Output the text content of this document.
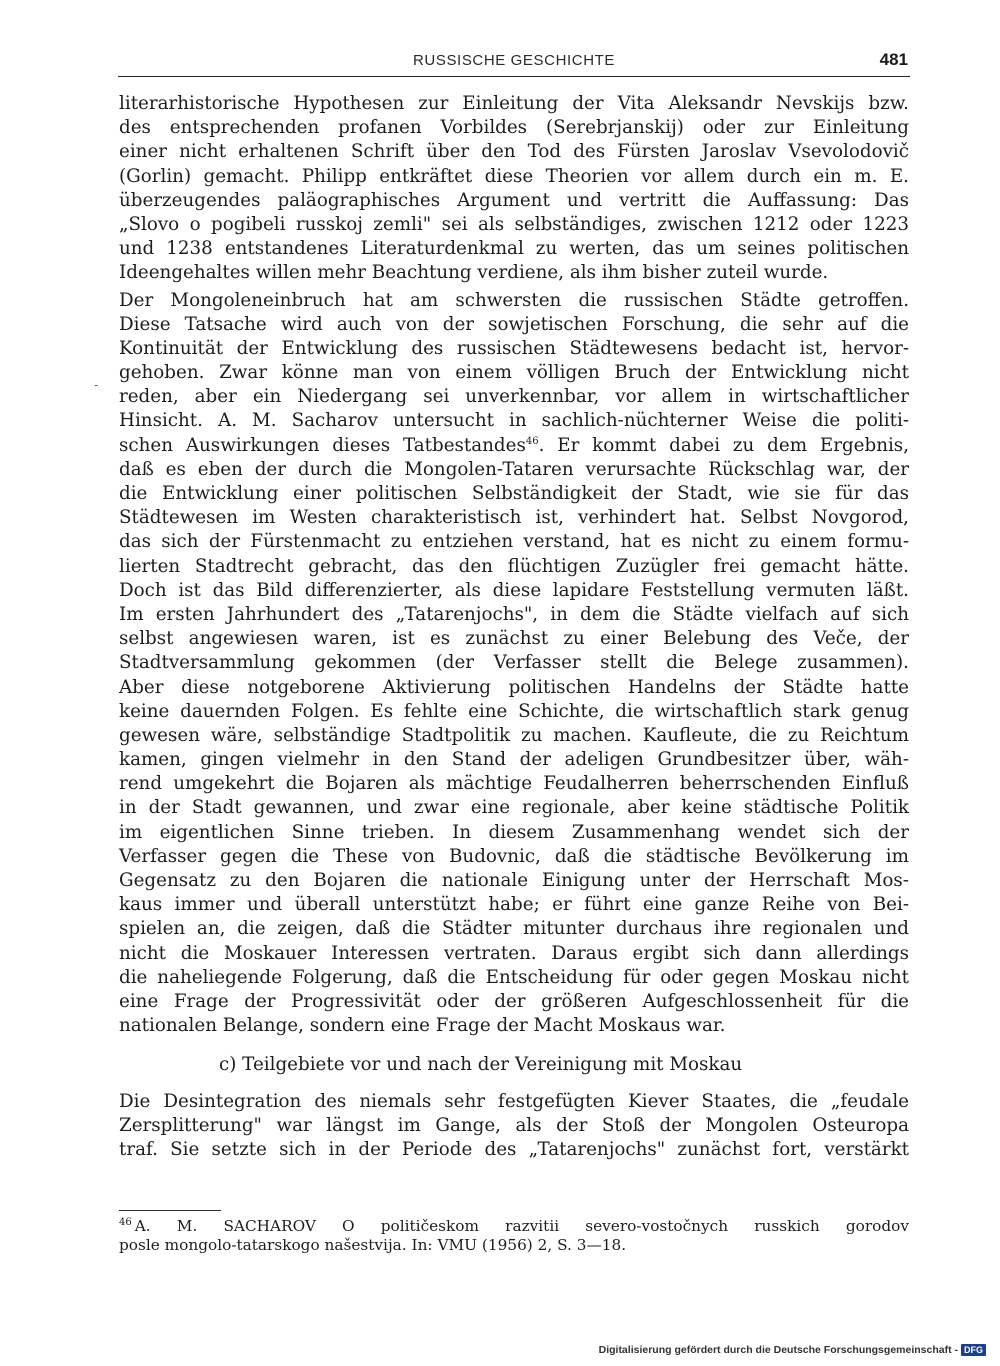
RUSSISCHE GESCHICHTE	481
-

literarhistorische Hypothesen zur Einleitung der Vita Aleksandr Nevskijs bzw.
des entsprechenden profanen Vorbildes (Serebrjanskij) oder zur Einleitung
einer nicht erhaltenen Schrift über den Tod des Fürsten Jaroslav Vsevolodovič
(Gorlin) gemacht. Philipp entkräftet diese Theorien vor allem durch ein m. E.
überzeugendes paläographisches Argument und vertritt die Auffassung: Das
„Slovo o pogibeli russkoj zemli" sei als selbständiges, zwischen 1212 oder 1223
und 1238 entstandenes Literaturdenkmal zu werten, das um seines politischen
Ideengehaltes willen mehr Beachtung verdiene, als ihm bisher zuteil wurde.

Der Mongoleneinbruch hat am schwersten die russischen Städte getroffen.
Diese Tatsache wird auch von der sowjetischen Forschung, die sehr auf die
Kontinuität der Entwicklung des russischen Städtewesens bedacht ist, hervor-
gehoben. Zwar könne man von einem völligen Bruch der Entwicklung nicht
reden, aber ein Niedergang sei unverkennbar, vor allem in wirtschaftlicher
Hinsicht. A. M. Sacharov untersucht in sachlich-nüchterner Weise die politi-
schen Auswirkungen dieses Tatbestandes$^{46}$. Er kommt dabei zu dem Ergebnis,
daß es eben der durch die Mongolen-Tataren verursachte Rückschlag war, der
die Entwicklung einer politischen Selbständigkeit der Stadt, wie sie für das
Städtewesen im Westen charakteristisch ist, verhindert hat. Selbst Novgorod,
das sich der Fürstenmacht zu entziehen verstand, hat es nicht zu einem formu-
lierten Stadtrecht gebracht, das den flüchtigen Zuzügler frei gemacht hätte.
Doch ist das Bild differenzierter, als diese lapidare Feststellung vermuten läßt.
Im ersten Jahrhundert des „Tatarenjochs", in dem die Städte vielfach auf sich
selbst angewiesen waren, ist es zunächst zu einer Belebung des Veče, der
Stadtversammlung gekommen (der Verfasser stellt die Belege zusammen).
Aber diese notgeborene Aktivierung politischen Handelns der Städte hatte
keine dauernden Folgen. Es fehlte eine Schichte, die wirtschaftlich stark genug
gewesen wäre, selbständige Stadtpolitik zu machen. Kaufleute, die zu Reichtum
kamen, gingen vielmehr in den Stand der adeligen Grundbesitzer über, wäh-
rend umgekehrt die Bojaren als mächtige Feudalherren beherrschenden Einfluß
in der Stadt gewannen, und zwar eine regionale, aber keine städtische Politik
im eigentlichen Sinne trieben. In diesem Zusammenhang wendet sich der
Verfasser gegen die These von Budovnic, daß die städtische Bevölkerung im
Gegensatz zu den Bojaren die nationale Einigung unter der Herrschaft Mos-
kaus immer und überall unterstützt habe; er führt eine ganze Reihe von Bei-
spielen an, die zeigen, daß die Städter mitunter durchaus ihre regionalen und
nicht die Moskauer Interessen vertraten. Daraus ergibt sich dann allerdings
die naheliegende Folgerung, daß die Entscheidung für oder gegen Moskau nicht
eine Frage der Progressivität oder der größeren Aufgeschlossenheit für die
nationalen Belange, sondern eine Frage der Macht Moskaus war.

c) Teilgebiete vor und nach der Vereinigung mit Moskau

Die Desintegration des niemals sehr festgefügten Kiever Staates, die „feudale
Zersplitterung" war längst im Gange, als der Stoß der Mongolen Osteuropa
traf. Sie setzte sich in der Periode des „Tatarenjochs" zunächst fort, verstärkt

$^{46}$ A. M. SACHAROV O političeskom razvitii severo-vostočnych russkich gorodov
posle mongolo-tatarskogo našestvija. In: VMU (1956) 2, S. 3—18.
Digitalisierung gefördert durch die Deutsche Forschungsgemeinschaft - DFG
